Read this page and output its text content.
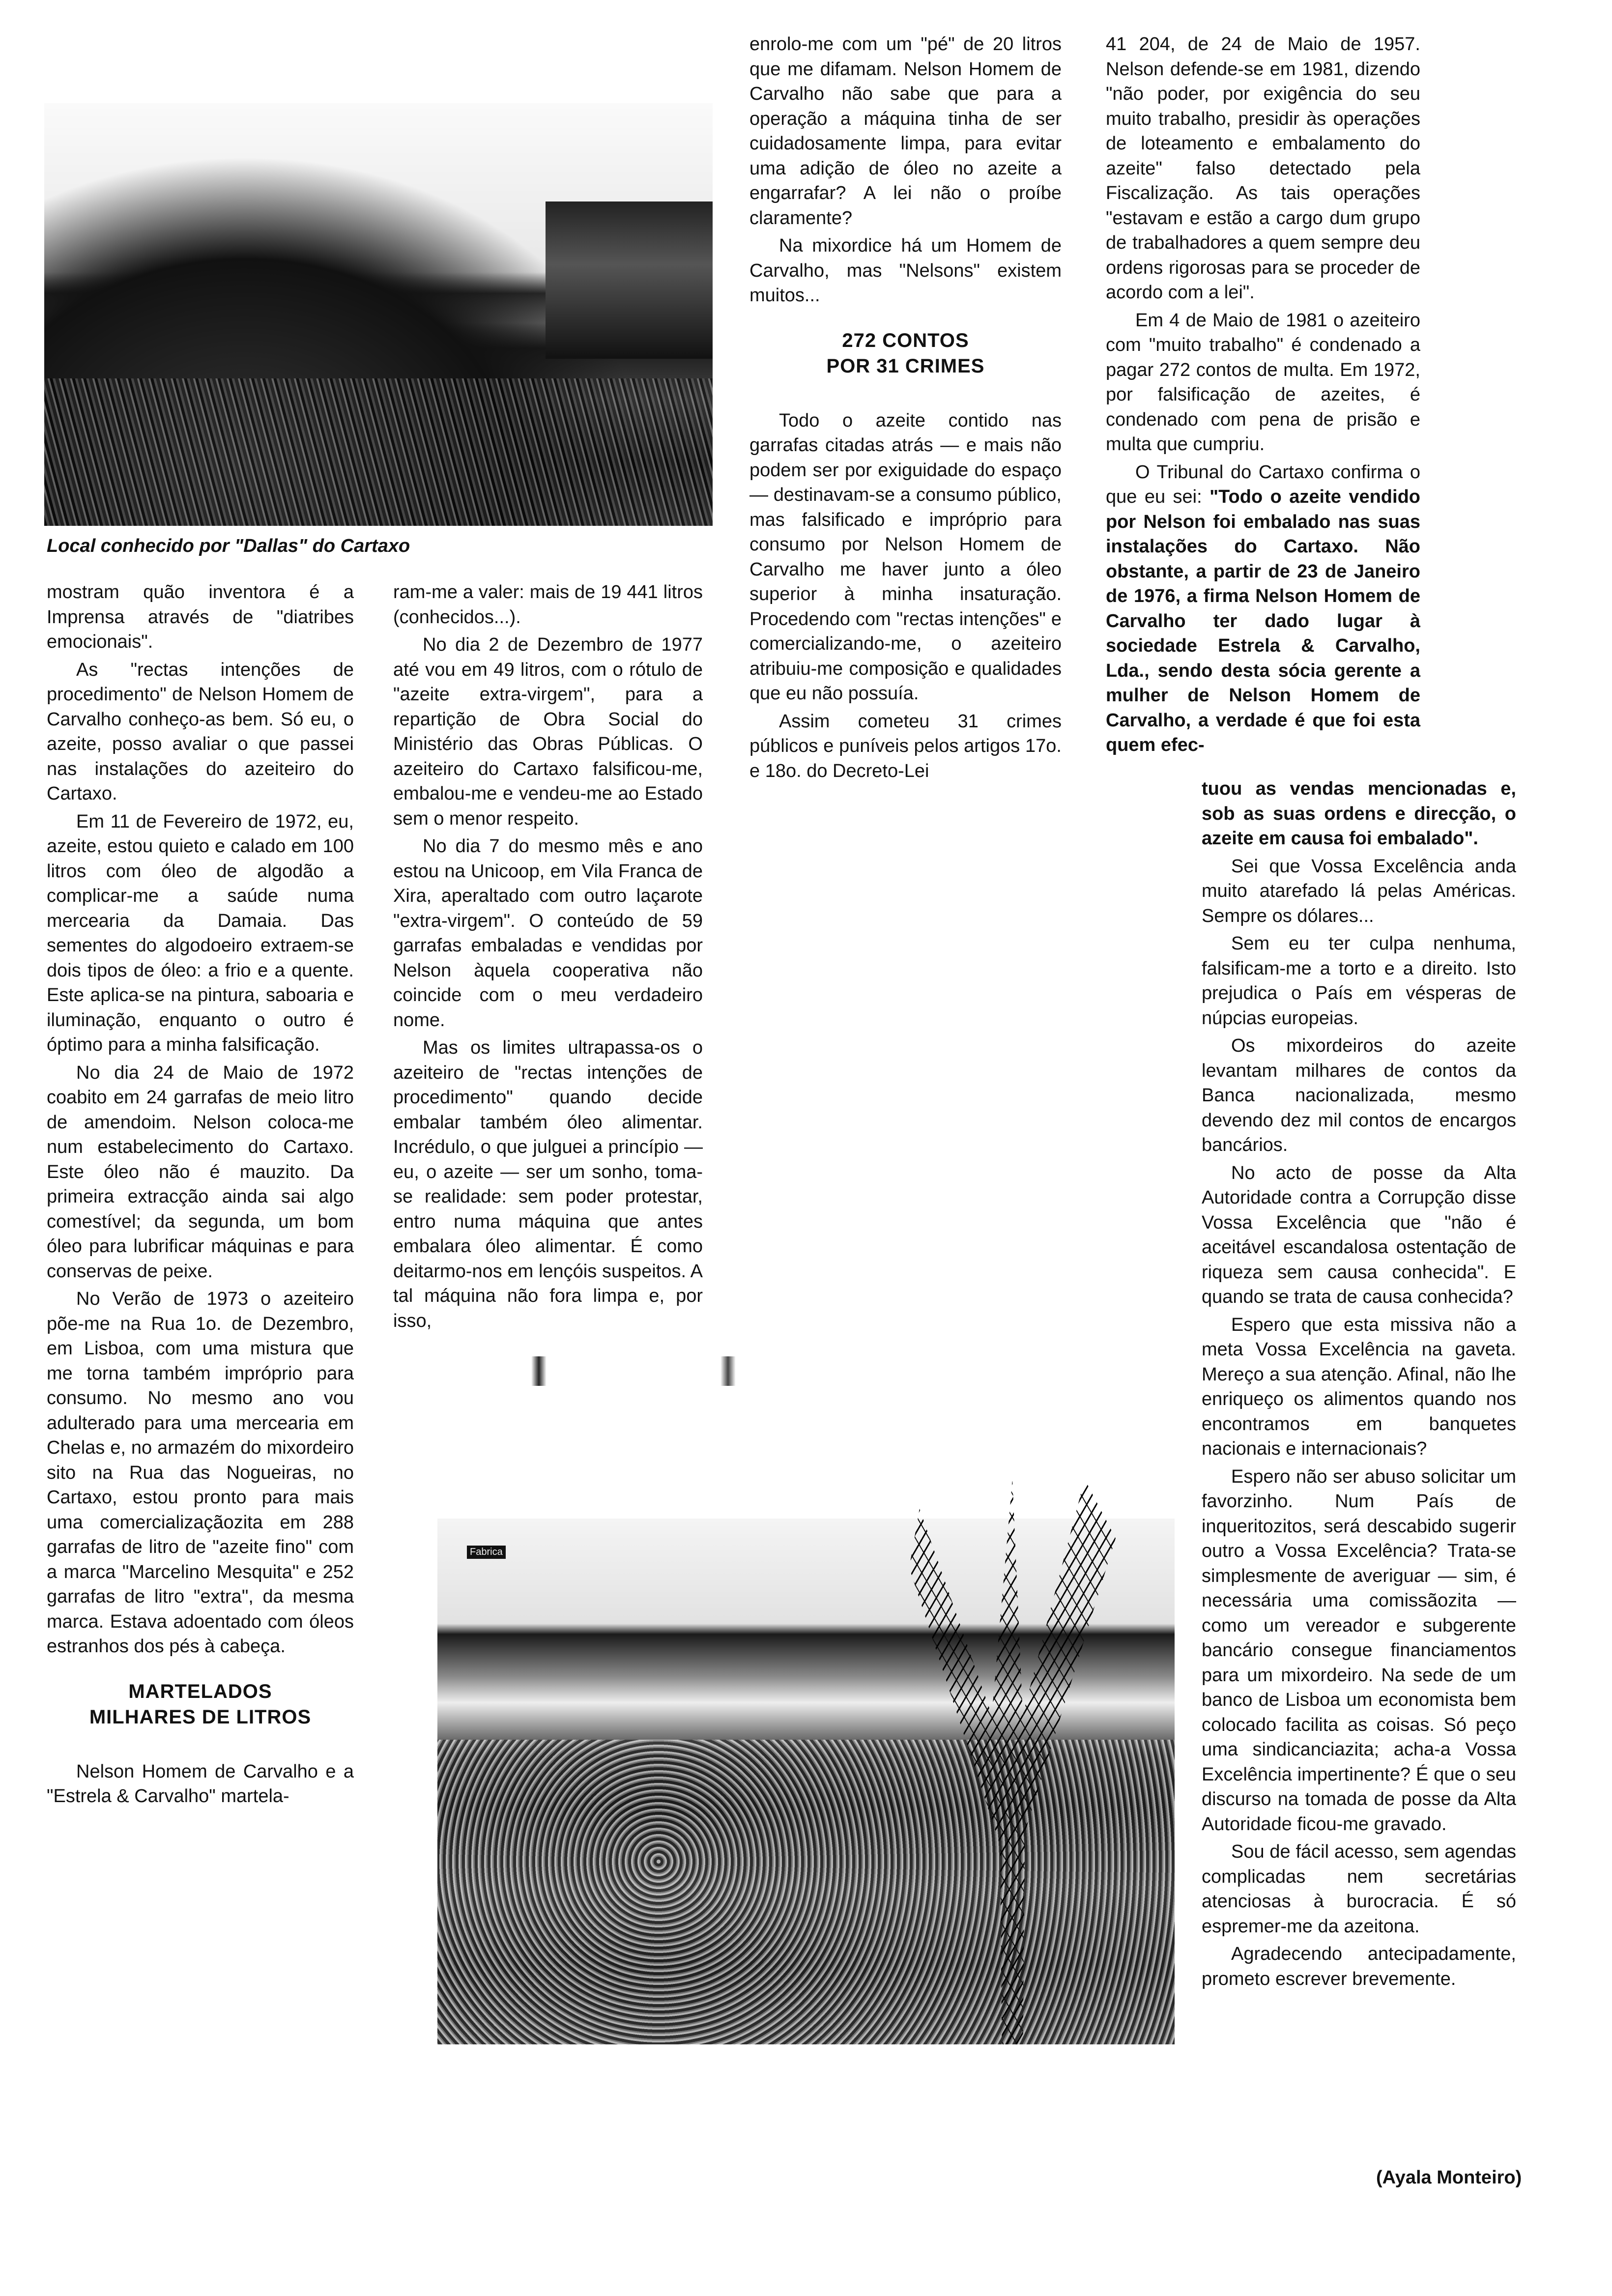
Local conhecido por "Dallas" do Cartaxo

mostram quão inventora é a Imprensa através de "diatribes emocionais".

As "rectas intenções de procedimento" de Nelson Homem de Carvalho conheço-as bem. Só eu, o azeite, posso avaliar o que passei nas instalações do azeiteiro do Cartaxo.

Em 11 de Fevereiro de 1972, eu, azeite, estou quieto e calado em 100 litros com óleo de algodão a complicar-me a saúde numa mercearia da Damaia. Das sementes do algodoeiro extraem-se dois tipos de óleo: a frio e a quente. Este aplica-se na pintura, saboaria e iluminação, enquanto o outro é óptimo para a minha falsificação.

No dia 24 de Maio de 1972 coabito em 24 garrafas de meio litro de amendoim. Nelson coloca-me num estabelecimento do Cartaxo. Este óleo não é mauzito. Da primeira extracção ainda sai algo comestível; da segunda, um bom óleo para lubrificar máquinas e para conservas de peixe.

No Verão de 1973 o azeiteiro põe-me na Rua 1o. de Dezembro, em Lisboa, com uma mistura que me torna também impróprio para consumo. No mesmo ano vou adulterado para uma mercearia em Chelas e, no armazém do mixordeiro sito na Rua das Nogueiras, no Cartaxo, estou pronto para mais uma comercializaçãozita em 288 garrafas de litro de "azeite fino" com a marca "Marcelino Mesquita" e 252 garrafas de litro "extra", da mesma marca. Estava adoentado com óleos estranhos dos pés à cabeça.

MARTELADOS
MILHARES DE LITROS

Nelson Homem de Carvalho e a "Estrela & Carvalho" martela-

ram-me a valer: mais de 19 441 litros (conhecidos...).

No dia 2 de Dezembro de 1977 até vou em 49 litros, com o rótulo de "azeite extra-virgem", para a repartição de Obra Social do Ministério das Obras Públicas. O azeiteiro do Cartaxo falsificou-me, embalou-me e vendeu-me ao Estado sem o menor respeito.

No dia 7 do mesmo mês e ano estou na Unicoop, em Vila Franca de Xira, aperaltado com outro laçarote "extra-virgem". O conteúdo de 59 garrafas embaladas e vendidas por Nelson àquela cooperativa não coincide com o meu verdadeiro nome.

Mas os limites ultrapassa-os o azeiteiro de "rectas intenções de procedimento" quando decide embalar também óleo alimentar. Incrédulo, o que julguei a princípio — eu, o azeite — ser um sonho, toma-se realidade: sem poder protestar, entro numa máquina que antes embalara óleo alimentar. É como deitarmo-nos em lençóis suspeitos. A tal máquina não fora limpa e, por isso,

enrolo-me com um "pé" de 20 litros que me difamam. Nelson Homem de Carvalho não sabe que para a operação a máquina tinha de ser cuidadosamente limpa, para evitar uma adição de óleo no azeite a engarrafar? A lei não o proíbe claramente?

Na mixordice há um Homem de Carvalho, mas "Nelsons" existem muitos...

272 CONTOS
POR 31 CRIMES

Todo o azeite contido nas garrafas citadas atrás — e mais não podem ser por exiguidade do espaço — destinavam-se a consumo público, mas falsificado e impróprio para consumo por Nelson Homem de Carvalho me haver junto a óleo superior à minha insaturação. Procedendo com "rectas intenções" e comercializando-me, o azeiteiro atribuiu-me composição e qualidades que eu não possuía.

Assim cometeu 31 crimes públicos e puníveis pelos artigos 17o. e 18o. do Decreto-Lei

41 204, de 24 de Maio de 1957. Nelson defende-se em 1981, dizendo "não poder, por exigência do seu muito trabalho, presidir às operações de loteamento e embalamento do azeite" falso detectado pela Fiscalização. As tais operações "estavam e estão a cargo dum grupo de trabalhadores a quem sempre deu ordens rigorosas para se proceder de acordo com a lei".

Em 4 de Maio de 1981 o azeiteiro com "muito trabalho" é condenado a pagar 272 contos de multa. Em 1972, por falsificação de azeites, é condenado com pena de prisão e multa que cumpriu.

O Tribunal do Cartaxo confirma o que eu sei: "Todo o azeite vendido por Nelson foi embalado nas suas instalações do Cartaxo. Não obstante, a partir de 23 de Janeiro de 1976, a firma Nelson Homem de Carvalho ter dado lugar à sociedade Estrela & Carvalho, Lda., sendo desta sócia gerente a mulher de Nelson Homem de Carvalho, a verdade é que foi esta quem efec-

tuou as vendas mencionadas e, sob as suas ordens e direcção, o azeite em causa foi embalado".

Sei que Vossa Excelência anda muito atarefado lá pelas Américas. Sempre os dólares...

Sem eu ter culpa nenhuma, falsificam-me a torto e a direito. Isto prejudica o País em vésperas de núpcias europeias.

Os mixordeiros do azeite levantam milhares de contos da Banca nacionalizada, mesmo devendo dez mil contos de encargos bancários.

No acto de posse da Alta Autoridade contra a Corrupção disse Vossa Excelência que "não é aceitável escandalosa ostentação de riqueza sem causa conhecida". E quando se trata de causa conhecida?

Espero que esta missiva não a meta Vossa Excelência na gaveta. Mereço a sua atenção. Afinal, não lhe enriqueço os alimentos quando nos encontramos em banquetes nacionais e internacionais?

Espero não ser abuso solicitar um favorzinho. Num País de inqueritozitos, será descabido sugerir outro a Vossa Excelência? Trata-se simplesmente de averiguar — sim, é necessária uma comissãozita — como um vereador e subgerente bancário consegue financiamentos para um mixordeiro. Na sede de um banco de Lisboa um economista bem colocado facilita as coisas. Só peço uma sindicanciazita; acha-a Vossa Excelência impertinente? É que o seu discurso na tomada de posse da Alta Autoridade ficou-me gravado.

Sou de fácil acesso, sem agendas complicadas nem secretárias atenciosas à burocracia. É só espremer-me da azeitona.

Agradecendo antecipadamente, prometo escrever brevemente.

(Ayala Monteiro)
Fabrica
